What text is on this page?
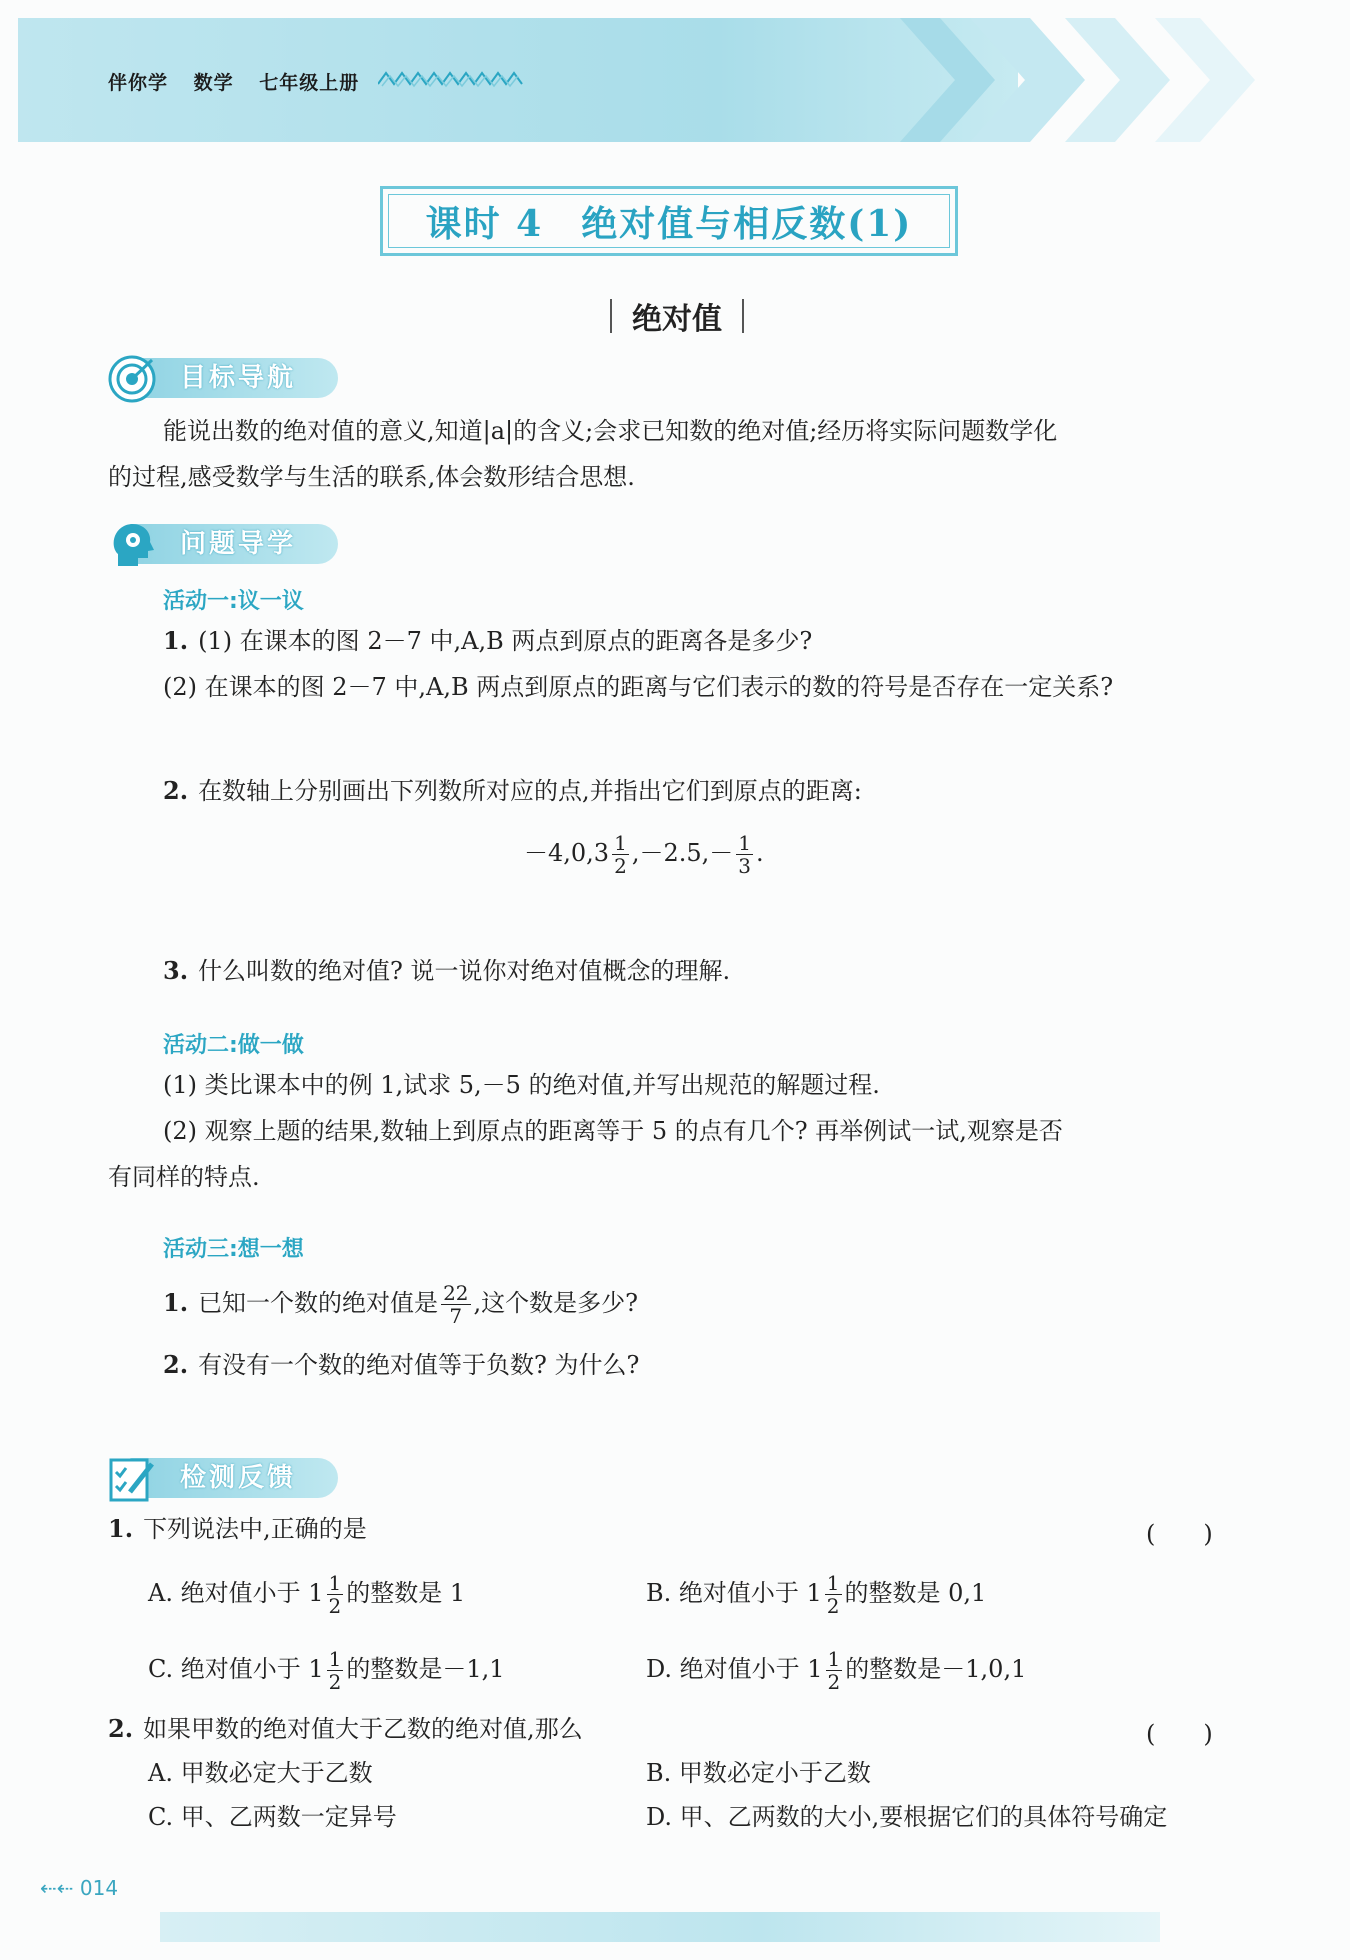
伴你学 数学 七年级上册
课时 4　绝对值与相反数(1)
绝对值
目标导航
能说出数的绝对值的意义,知道|a|的含义;会求已知数的绝对值;经历将实际问题数学化
的过程,感受数学与生活的联系,体会数形结合思想.
问题导学
活动一:议一议
1. (1) 在课本的图 2－7 中,A,B 两点到原点的距离各是多少?
(2) 在课本的图 2－7 中,A,B 两点到原点的距离与它们表示的数的符号是否存在一定关系?
2. 在数轴上分别画出下列数所对应的点,并指出它们到原点的距离:
$-4,0,3 \frac{1}{2} ,-2.5,- \frac{1}{3}$ .
3. 什么叫数的绝对值? 说一说你对绝对值概念的理解.
活动二:做一做
(1) 类比课本中的例 1,试求 5,－5 的绝对值,并写出规范的解题过程.
(2) 观察上题的结果,数轴上到原点的距离等于 5 的点有几个? 再举例试一试,观察是否
有同样的特点.
活动三:想一想
1. 已知一个数的绝对值是 $\frac{22}{7}$ ,这个数是多少?
2. 有没有一个数的绝对值等于负数? 为什么?
检测反馈
1. 下列说法中,正确的是	(　　)
A. 绝对值小于 $1 \frac{1}{2}$ 的整数是 1	B. 绝对值小于 $1 \frac{1}{2}$ 的整数是 0,1
C. 绝对值小于 $1 \frac{1}{2}$ 的整数是－1,1	D. 绝对值小于 $1 \frac{1}{2}$ 的整数是－1,0,1
2. 如果甲数的绝对值大于乙数的绝对值,那么	(　　)
A. 甲数必定大于乙数	B. 甲数必定小于乙数
C. 甲、乙两数一定异号	D. 甲、乙两数的大小,要根据它们的具体符号确定
⇠⇠ 014
